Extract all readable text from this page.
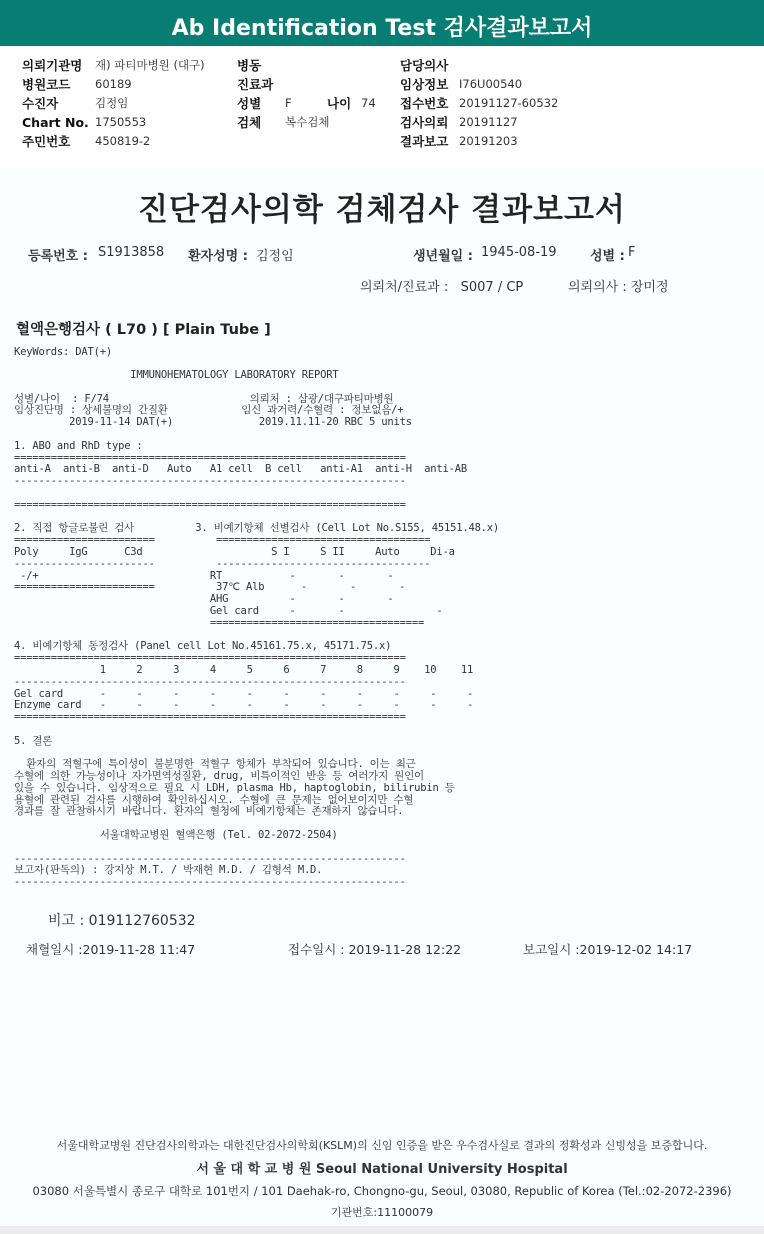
Ab Identification Test 검사결과보고서
의뢰기관명 재) 파티마병원 (대구)	병동	담당의사
병원코드 60189	진료과	임상정보 I76U00540
수진자	김정임	성별 F	나이 74 접수번호 20191127-60532
Chart No. 1750553	검체 복수검체	검사의뢰 20191127
주민번호 450819-2	결과보고 20191203
진단검사의학 검체검사 결과보고서
등록번호 : S1913858 환자성명 : 김정임	생년월일 : 1945-08-19	성별 : F
의뢰처/진료과 :   S007 / CP	의뢰의사 : 장미정
혈액은행검사 ( L70 ) [ Plain Tube ]
KeyWords: DAT(+)
IMMUNOHEMATOLOGY LABORATORY REPORT
성별/나이  : F/74                       의뢰처 : 삼광/대구파티마병원
임상진단명 : 상세불명의 간질환            임신 과거력/수혈력 : 정보없음/+
2019-11-14 DAT(+)              2019.11.11-20 RBC 5 units
1. ABO and RhD type :
================================================================
anti-A  anti-B  anti-D   Auto   A1 cell  B cell   anti-A1  anti-H  anti-AB
----------------------------------------------------------------
================================================================
2. 직접 항글로불린 검사          3. 비예기항체 선별검사 (Cell Lot No.S155, 45151.48.x)
=======================          ===================================
Poly     IgG      C3d                     S I     S II     Auto     Di-a
-----------------------          -----------------------------------
-/+                            RT           -       -       -
=======================          37℃ Alb      -       -       -
AHG          -       -       -
Gel card     -       -               -
===================================
4. 비예기항체 동정검사 (Panel cell Lot No.45161.75.x, 45171.75.x)
================================================================
1     2     3     4     5     6     7     8     9    10    11
----------------------------------------------------------------
Gel card      -     -     -     -     -     -     -     -     -     -     -
Enzyme card   -     -     -     -     -     -     -     -     -     -     -
================================================================
5. 결론
환자의 적혈구에 특이성이 불분명한 적혈구 항체가 부착되어 있습니다. 이는 최근
수혈에 의한 가능성이나 자가면역성질환, drug, 비특이적인 반응 등 여러가지 원인이
있을 수 있습니다. 임상적으로 필요 시 LDH, plasma Hb, haptoglobin, bilirubin 등
용혈에 관련된 검사를 시행하여 확인하십시오. 수혈에 큰 문제는 없어보이지만 수혈
경과를 잘 관찰하시기 바랍니다. 환자의 혈청에 비예기항체는 존재하지 않습니다.
서울대학교병원 혈액은행 (Tel. 02-2072-2504)
----------------------------------------------------------------
보고자(판독의) : 강지상 M.T. / 박재현 M.D. / 김형석 M.D.
----------------------------------------------------------------
비고 : 019112760532
채혈일시 :2019-11-28 11:47	접수일시 : 2019-11-28 12:22	보고일시 :2019-12-02 14:17
서울대학교병원 진단검사의학과는 대한진단검사의학회(KSLM)의 신임 인증을 받은 우수검사실로 결과의 정확성과 신빙성을 보증합니다.
서 울 대 학 교 병 원 Seoul National University Hospital
03080 서울특별시 종로구 대학로 101번지 / 101 Daehak-ro, Chongno-gu, Seoul, 03080, Republic of Korea (Tel.:02-2072-2396)
기관번호:11100079
